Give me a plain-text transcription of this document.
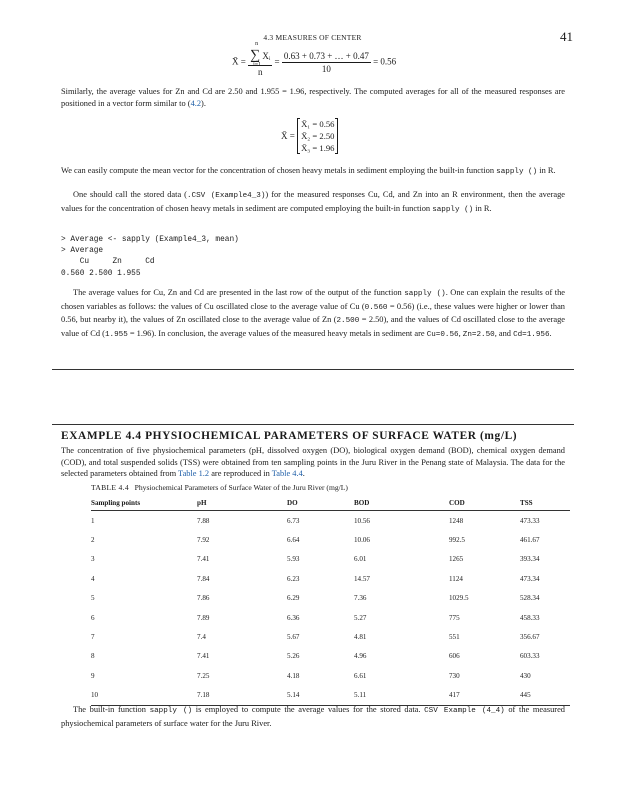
4.3 MEASURES OF CENTER	41
X̄ = n
∑
i=1
Xᵢ
$n = \frac{0.63 + 0.73 + \dots + 0.47}{10} = 0.56$

Similarly, the average values for Zn and Cd are 2.50 and 1.955 = 1.96, respectively. The computed averages for all of the measured responses are positioned in a vector form similar to (4.2).

X̄ =
X̄₁ = 0.56
X̄₂ = 2.50
X̄₃ = 1.96

We can easily compute the mean vector for the concentration of chosen heavy metals in sediment employing the built-in function sapply () in R.

One should call the stored data (.CSV (Example4_3)) for the measured responses Cu, Cd, and Zn into an R environment, then the average values for the concentration of chosen heavy metals in sediment are computed employing the built-in function sapply () in R.

> Average <- sapply (Example4_3, mean)
> Average
Cu     Zn     Cd
0.560 2.500 1.955

The average values for Cu, Zn and Cd are presented in the last row of the output of the function sapply (). One can explain the results of the chosen variables as follows: the values of Cu oscillated close to the average value of Cu (0.560 = 0.56) (i.e., these values were higher or lower than 0.56, but nearby it), the values of Zn oscillated close to the average value of Zn (2.500 = 2.50), and the values of Cd oscillated close to the average value of Cd (1.955 = 1.96). In conclusion, the average values of the measured heavy metals in sediment are Cu=0.56, Zn=2.50, and Cd=1.956.

EXAMPLE 4.4 PHYSIOCHEMICAL PARAMETERS OF SURFACE WATER (mg/L)

The concentration of five physiochemical parameters (pH, dissolved oxygen (DO), biological oxygen demand (BOD), chemical oxygen demand (COD), and total suspended solids (TSS) were obtained from ten sampling points in the Juru River in the Penang state of Malaysia. The data for the selected parameters obtained from Table 1.2 are reproduced in Table 4.4.

TABLE 4.4 Physiochemical Parameters of Surface Water of the Juru River (mg/L)
Sampling points	pH	DO	BOD	COD	TSS
1	7.88	6.73	10.56	1248	473.33
2	7.92	6.64	10.06	992.5	461.67
3	7.41	5.93	6.01	1265	393.34
4	7.84	6.23	14.57	1124	473.34
5	7.86	6.29	7.36	1029.5	528.34
6	7.89	6.36	5.27	775	458.33
7	7.4	5.67	4.81	551	356.67
8	7.41	5.26	4.96	606	603.33
9	7.25	4.18	6.61	730	430
10	7.18	5.14	5.11	417	445

The built-in function sapply () is employed to compute the average values for the stored data. CSV Example (4_4) of the measured physiochemical parameters of surface water for the Juru River.
